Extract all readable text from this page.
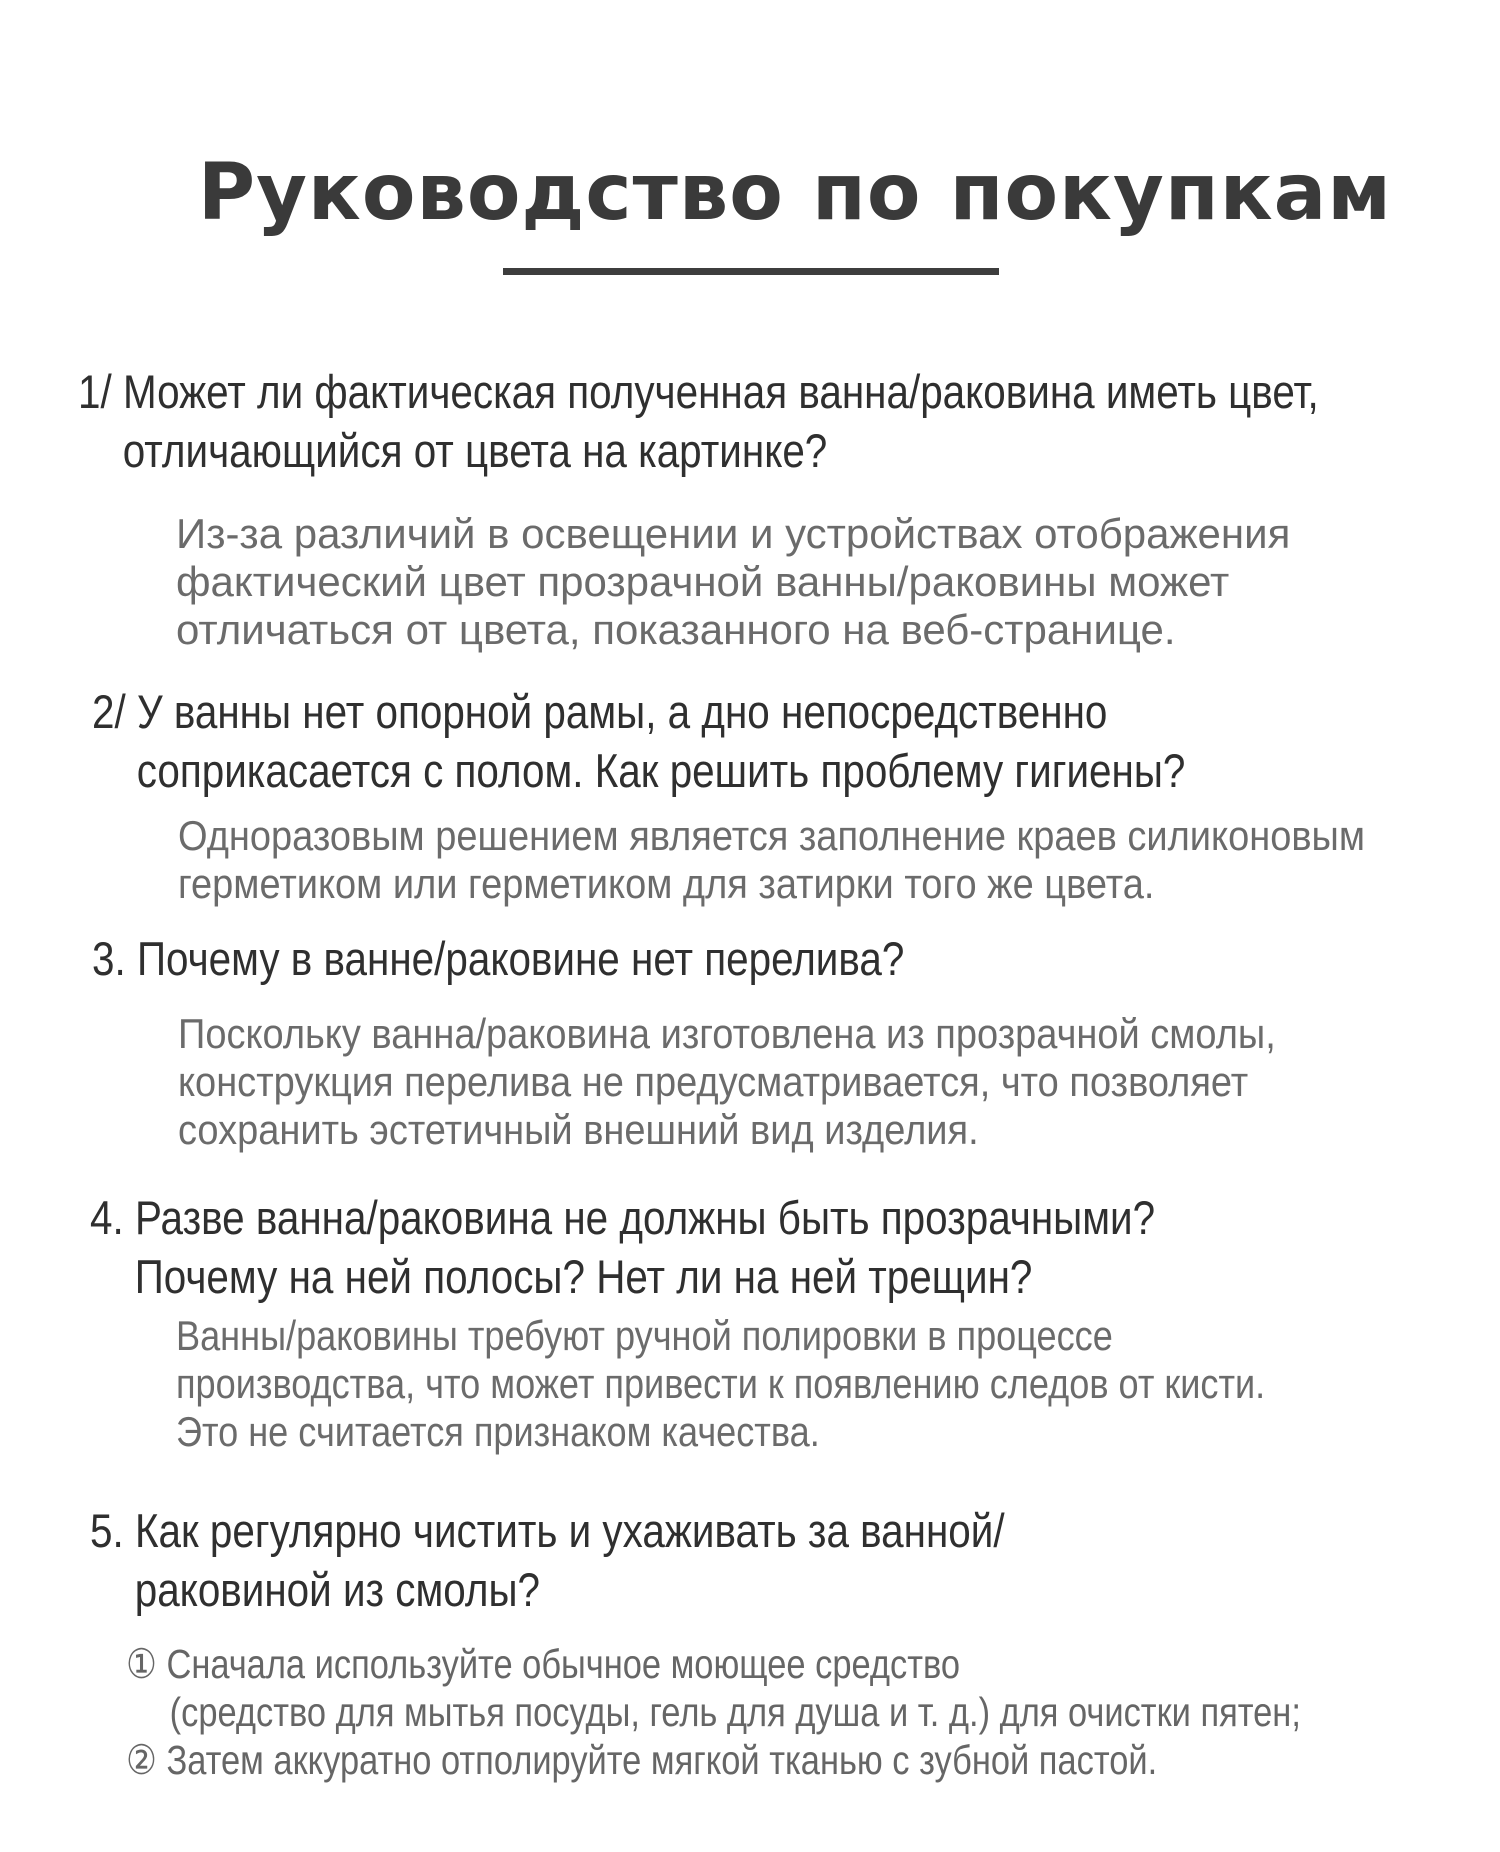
Руководство по покупкам
1/ Может ли фактическая полученная ванна/раковина иметь цвет,
отличающийся от цвета на картинке?

Из-за различий в освещении и устройствах отображения
фактический цвет прозрачной ванны/раковины может
отличаться от цвета, показанного на веб-странице.

2/ У ванны нет опорной рамы, а дно непосредственно
соприкасается с полом. Как решить проблему гигиены?

Одноразовым решением является заполнение краев силиконовым
герметиком или герметиком для затирки того же цвета.

3. Почему в ванне/раковине нет перелива?

Поскольку ванна/раковина изготовлена из прозрачной смолы,
конструкция перелива не предусматривается, что позволяет
сохранить эстетичный внешний вид изделия.

4. Разве ванна/раковина не должны быть прозрачными?
Почему на ней полосы? Нет ли на ней трещин?

Ванны/раковины требуют ручной полировки в процессе
производства, что может привести к появлению следов от кисти.
Это не считается признаком качества.

5. Как регулярно чистить и ухаживать за ванной/
раковиной из смолы?

① Сначала используйте обычное моющее средство
(средство для мытья посуды, гель для душа и т. д.) для очистки пятен;
② Затем аккуратно отполируйте мягкой тканью с зубной пастой.
